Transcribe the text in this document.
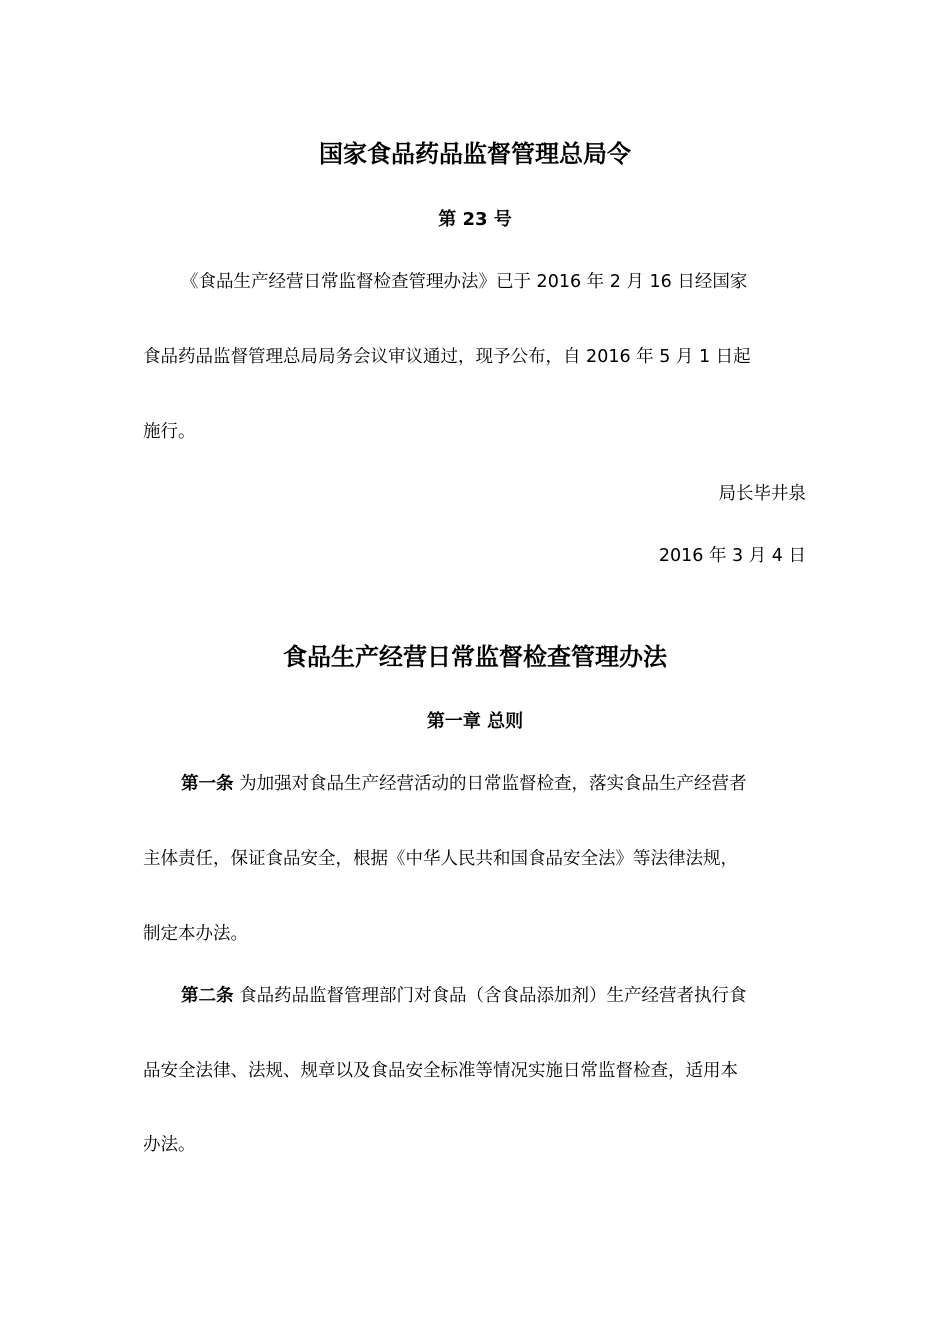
国家食品药品监督管理总局令
第 23 号
《食品生产经营日常监督检查管理办法》已于 2016 年 2 月 16 日经国家
食品药品监督管理总局局务会议审议通过，现予公布，自 2016 年 5 月 1 日起
施行。
局长毕井泉
2016 年 3 月 4 日
食品生产经营日常监督检查管理办法
第一章 总则
第一条 为加强对食品生产经营活动的日常监督检查，落实食品生产经营者
主体责任，保证食品安全，根据《中华人民共和国食品安全法》等法律法规，
制定本办法。
第二条 食品药品监督管理部门对食品（含食品添加剂）生产经营者执行食
品安全法律、法规、规章以及食品安全标准等情况实施日常监督检查，适用本
办法。
